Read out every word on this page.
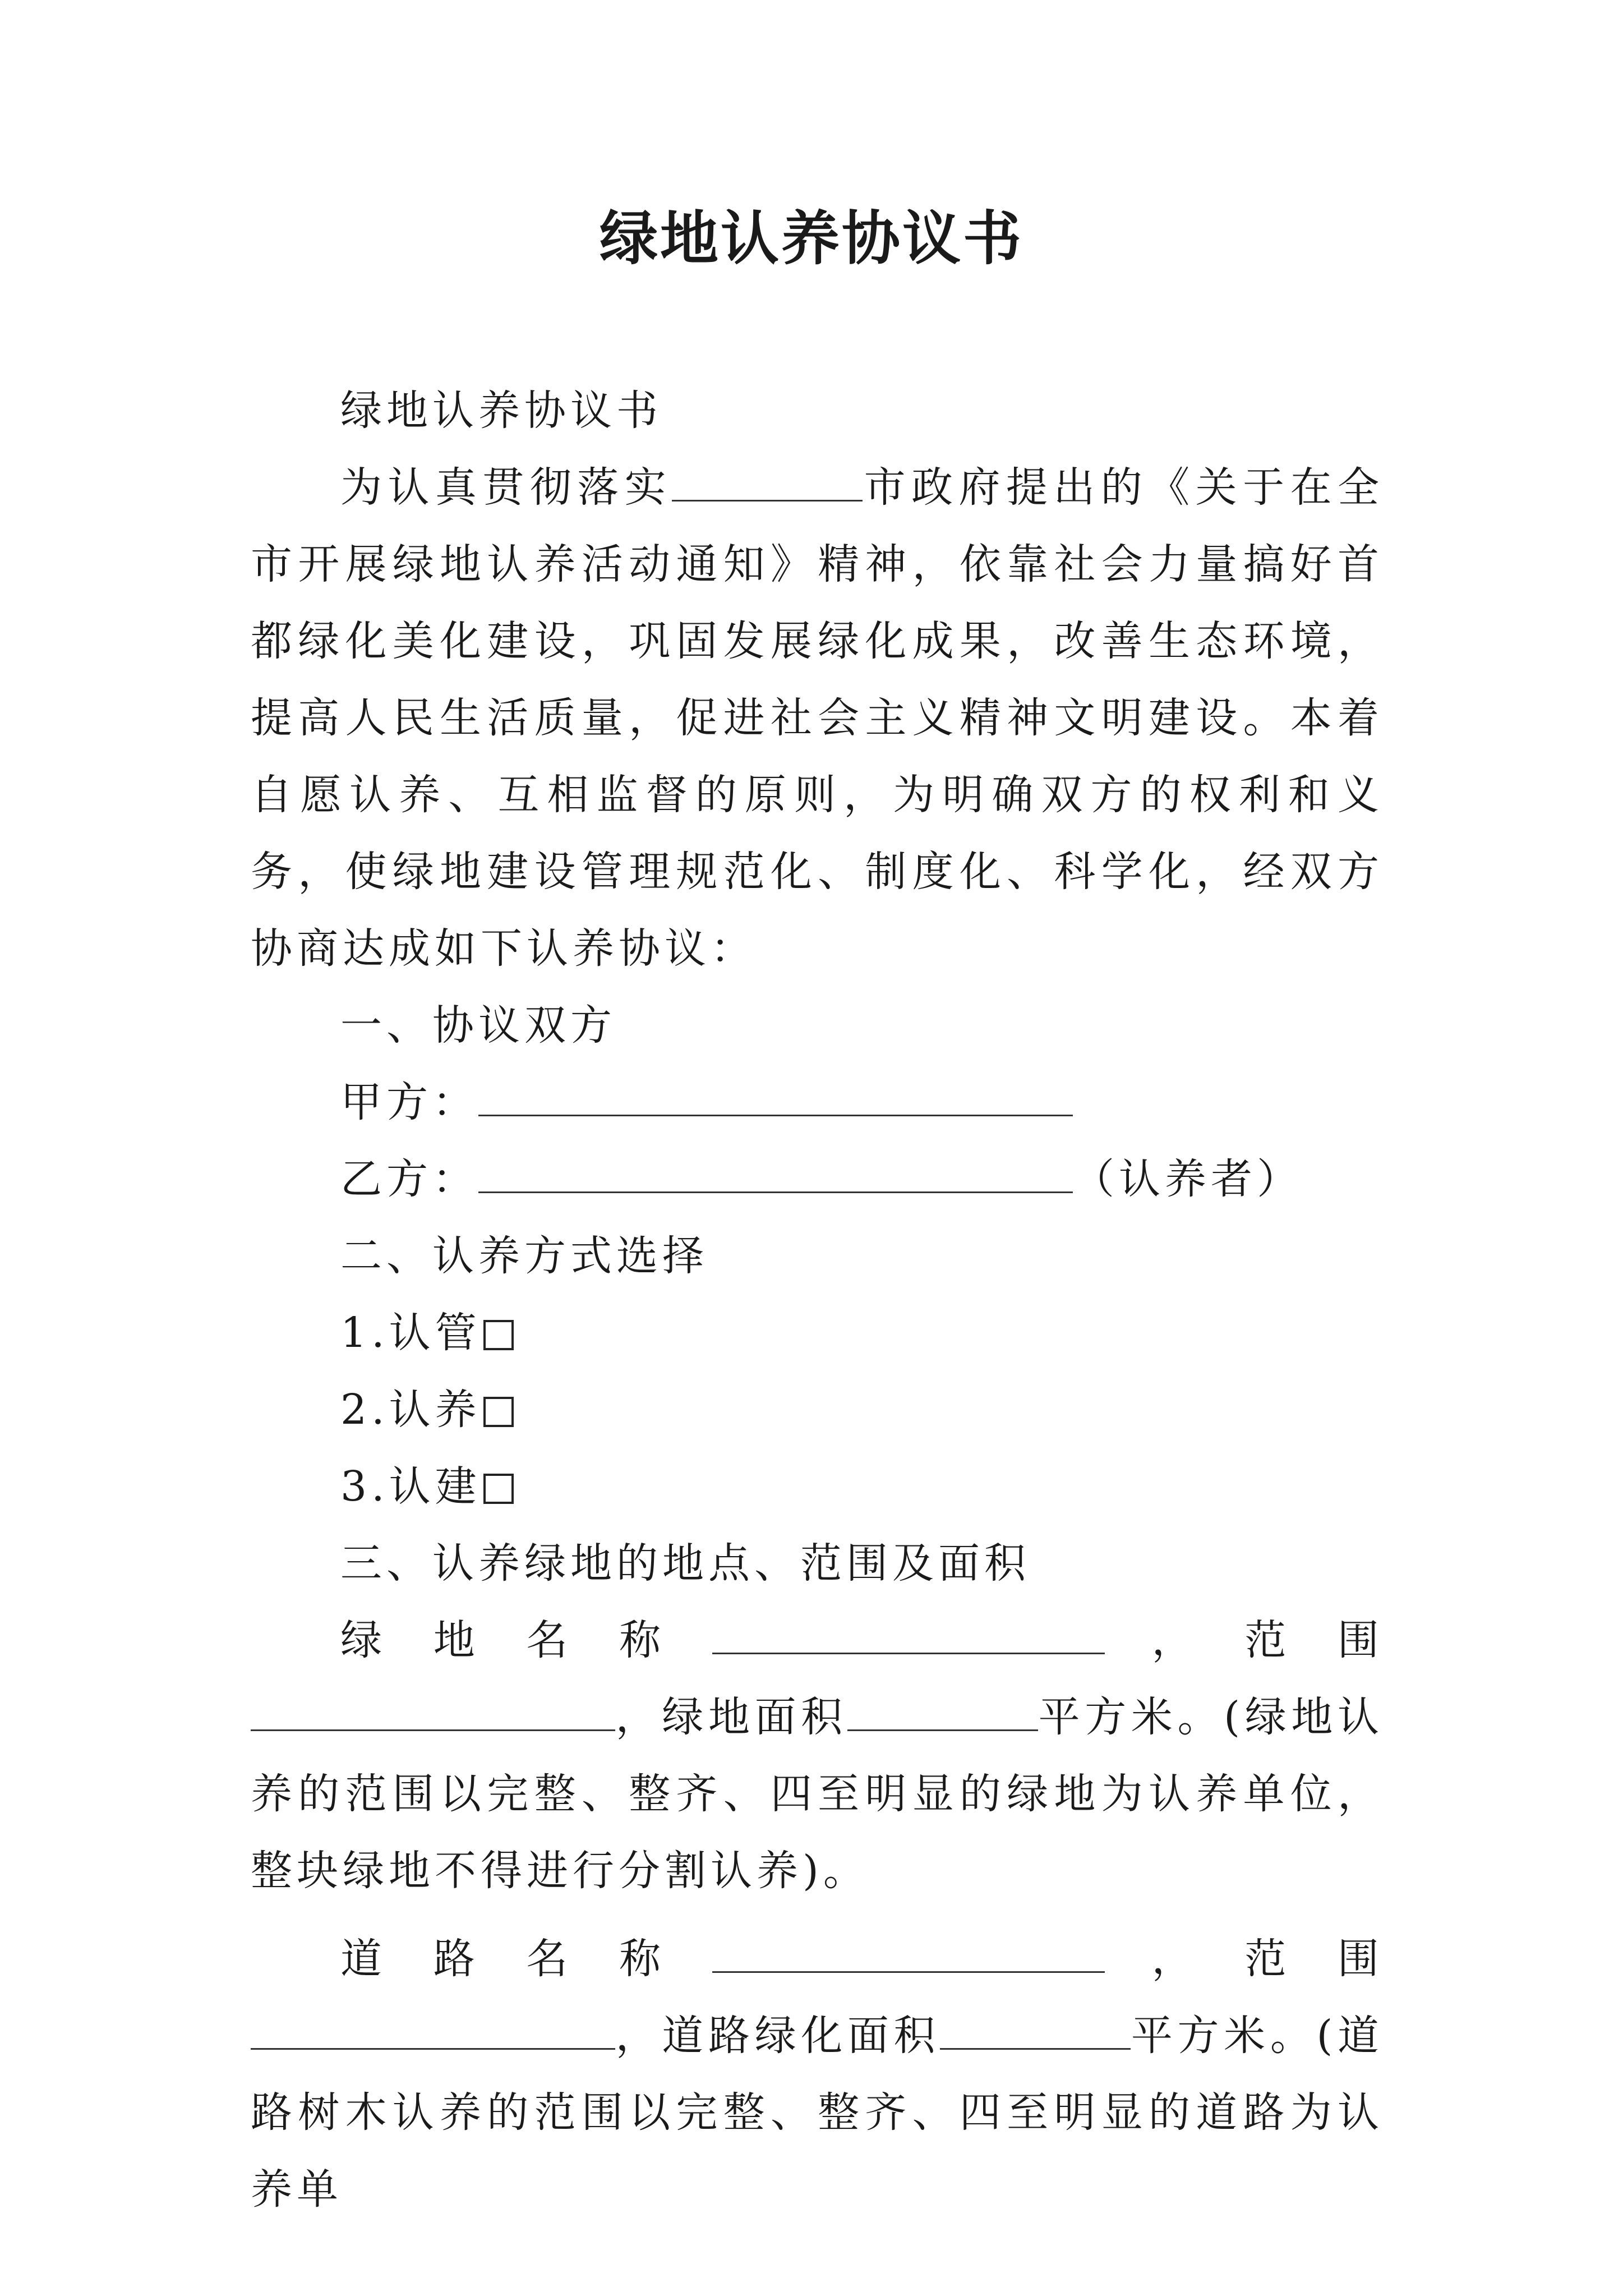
绿地认养协议书

绿地认养协议书

为认真贯彻落实	市政府提出的《关于在全市开展绿地认养活动通知》精神，依靠社会力量搞好首都绿化美化建设，巩固发展绿化成果，改善生态环境，提高人民生活质量，促进社会主义精神文明建设。本着自愿认养、互相监督的原则，为明确双方的权利和义务，使绿地建设管理规范化、制度化、科学化，经双方协商达成如下认养协议：

一、协议双方

甲方：

乙方：	（认养者）

二、认养方式选择

1.认管

2.认养

3.认建

三、认养绿地的地点、范围及面积

绿 地 名 称	， 范 围

，绿地面积	平方米。(绿地认养的范围以完整、整齐、四至明显的绿地为认养单位，整块绿地不得进行分割认养)。

道 路 名 称	， 范 围

，道路绿化面积	平方米。(道路树木认养的范围以完整、整齐、四至明显的道路为认养单
